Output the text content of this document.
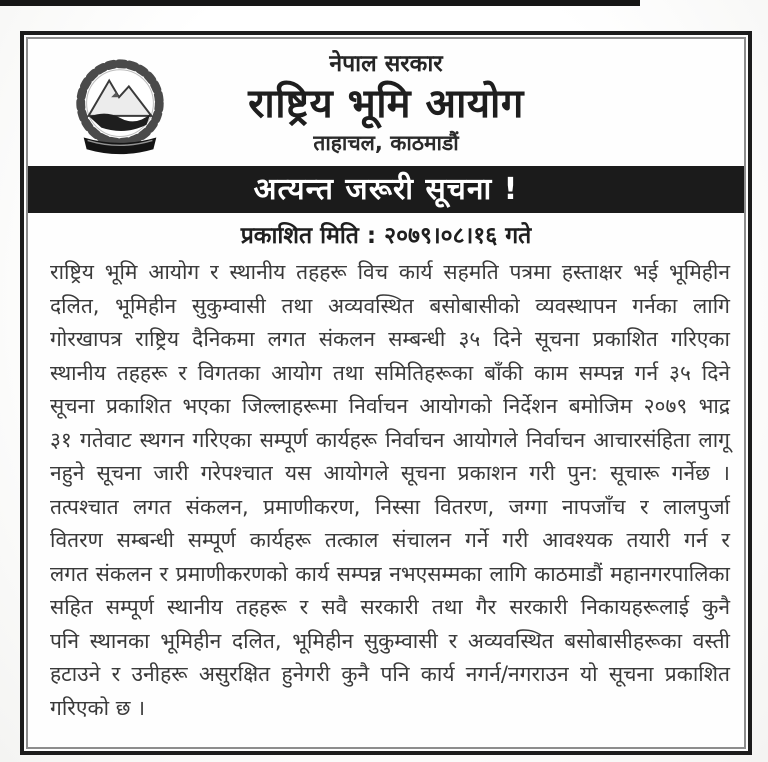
नेपाल सरकार
राष्ट्रिय भूमि आयोग
ताहाचल, काठमाडौं
अत्यन्त जरूरी सूचना !
प्रकाशित मिति : २०७९।०८।१६ गते
राष्ट्रिय भूमि आयोग र स्थानीय तहहरू विच कार्य सहमति पत्रमा हस्ताक्षर भई भूमिहीन
दलित, भूमिहीन सुकुम्वासी तथा अव्यवस्थित बसोबासीको व्यवस्थापन गर्नका लागि
गोरखापत्र राष्ट्रिय दैनिकमा लगत संकलन सम्बन्धी ३५ दिने सूचना प्रकाशित गरिएका
स्थानीय तहहरू र विगतका आयोग तथा समितिहरूका बाँकी काम सम्पन्न गर्न ३५ दिने
सूचना प्रकाशित भएका जिल्लाहरूमा निर्वाचन आयोगको निर्देशन बमोजिम २०७९ भाद्र
३१ गतेवाट स्थगन गरिएका सम्पूर्ण कार्यहरू निर्वाचन आयोगले निर्वाचन आचारसंहिता लागू
नहुने सूचना जारी गरेपश्चात यस आयोगले सूचना प्रकाशन गरी पुन: सूचारू गर्नेछ ।
तत्पश्चात लगत संकलन, प्रमाणीकरण, निस्सा वितरण, जग्गा नापजाँच र लालपुर्जा
वितरण सम्बन्धी सम्पूर्ण कार्यहरू तत्काल संचालन गर्ने गरी आवश्यक तयारी गर्न र
लगत संकलन र प्रमाणीकरणको कार्य सम्पन्न नभएसम्मका लागि काठमाडौं महानगरपालिका
सहित सम्पूर्ण स्थानीय तहहरू र सवै सरकारी तथा गैर सरकारी निकायहरूलाई कुनै
पनि स्थानका भूमिहीन दलित, भूमिहीन सुकुम्वासी र अव्यवस्थित बसोबासीहरूका वस्ती
हटाउने र उनीहरू असुरक्षित हुनेगरी कुनै पनि कार्य नगर्न/नगराउन यो सूचना प्रकाशित
गरिएको छ ।
